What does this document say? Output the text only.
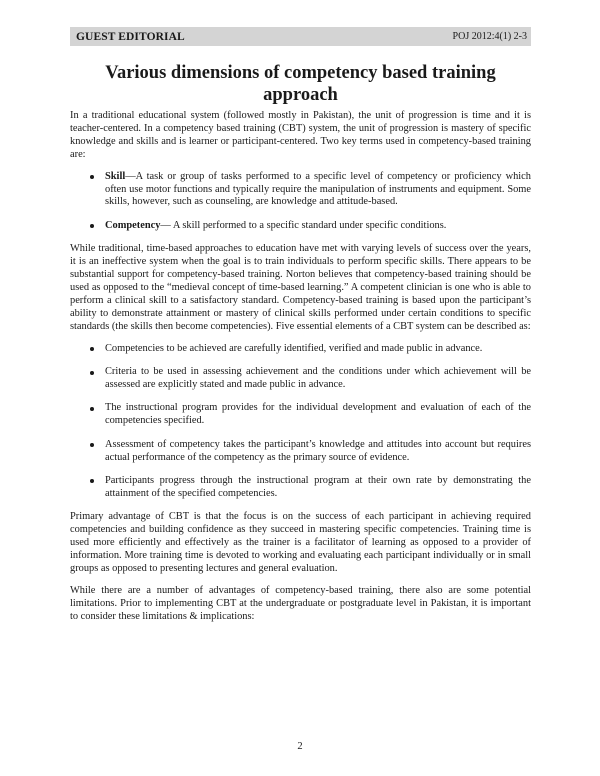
GUEST EDITORIAL	POJ 2012:4(1) 2-3
Various dimensions of competency based training approach

In a traditional educational system (followed mostly in Pakistan), the unit of progression is time and it is teacher-centered. In a competency based training (CBT) system, the unit of progression is mastery of specific knowledge and skills and is learner or participant-centered. Two key terms used in competency-based training are:

Skill—A task or group of tasks performed to a specific level of competency or proficiency which often use motor functions and typically require the manipulation of instruments and equipment. Some skills, however, such as counseling, are knowledge and attitude-based.
Competency— A skill performed to a specific standard under specific conditions.

While traditional, time-based approaches to education have met with varying levels of success over the years, it is an ineffective system when the goal is to train individuals to perform specific skills. There appears to be substantial support for competency-based training. Norton believes that competency-based training should be used as opposed to the “medieval concept of time-based learning.” A competent clinician is one who is able to perform a clinical skill to a satisfactory standard. Competency-based training is based upon the participant’s ability to demonstrate attainment or mastery of clinical skills performed under certain conditions to specific standards (the skills then become competencies). Five essential elements of a CBT system can be described as:

Competencies to be achieved are carefully identified, verified and made public in advance.
Criteria to be used in assessing achievement and the conditions under which achievement will be assessed are explicitly stated and made public in advance.
The instructional program provides for the individual development and evaluation of each of the competencies specified.
Assessment of competency takes the participant’s knowledge and attitudes into account but requires actual performance of the competency as the primary source of evidence.
Participants progress through the instructional program at their own rate by demonstrating the attainment of the specified competencies.

Primary advantage of CBT is that the focus is on the success of each participant in achieving required competencies and building confidence as they succeed in mastering specific competencies. Training time is used more efficiently and effectively as the trainer is a facilitator of learning as opposed to a provider of information. More training time is devoted to working and evaluating each participant individually or in small groups as opposed to presenting lectures and general evaluation.

While there are a number of advantages of competency-based training, there also are some potential limitations. Prior to implementing CBT at the undergraduate or postgraduate level in Pakistan, it is important to consider these limitations & implications:

2
